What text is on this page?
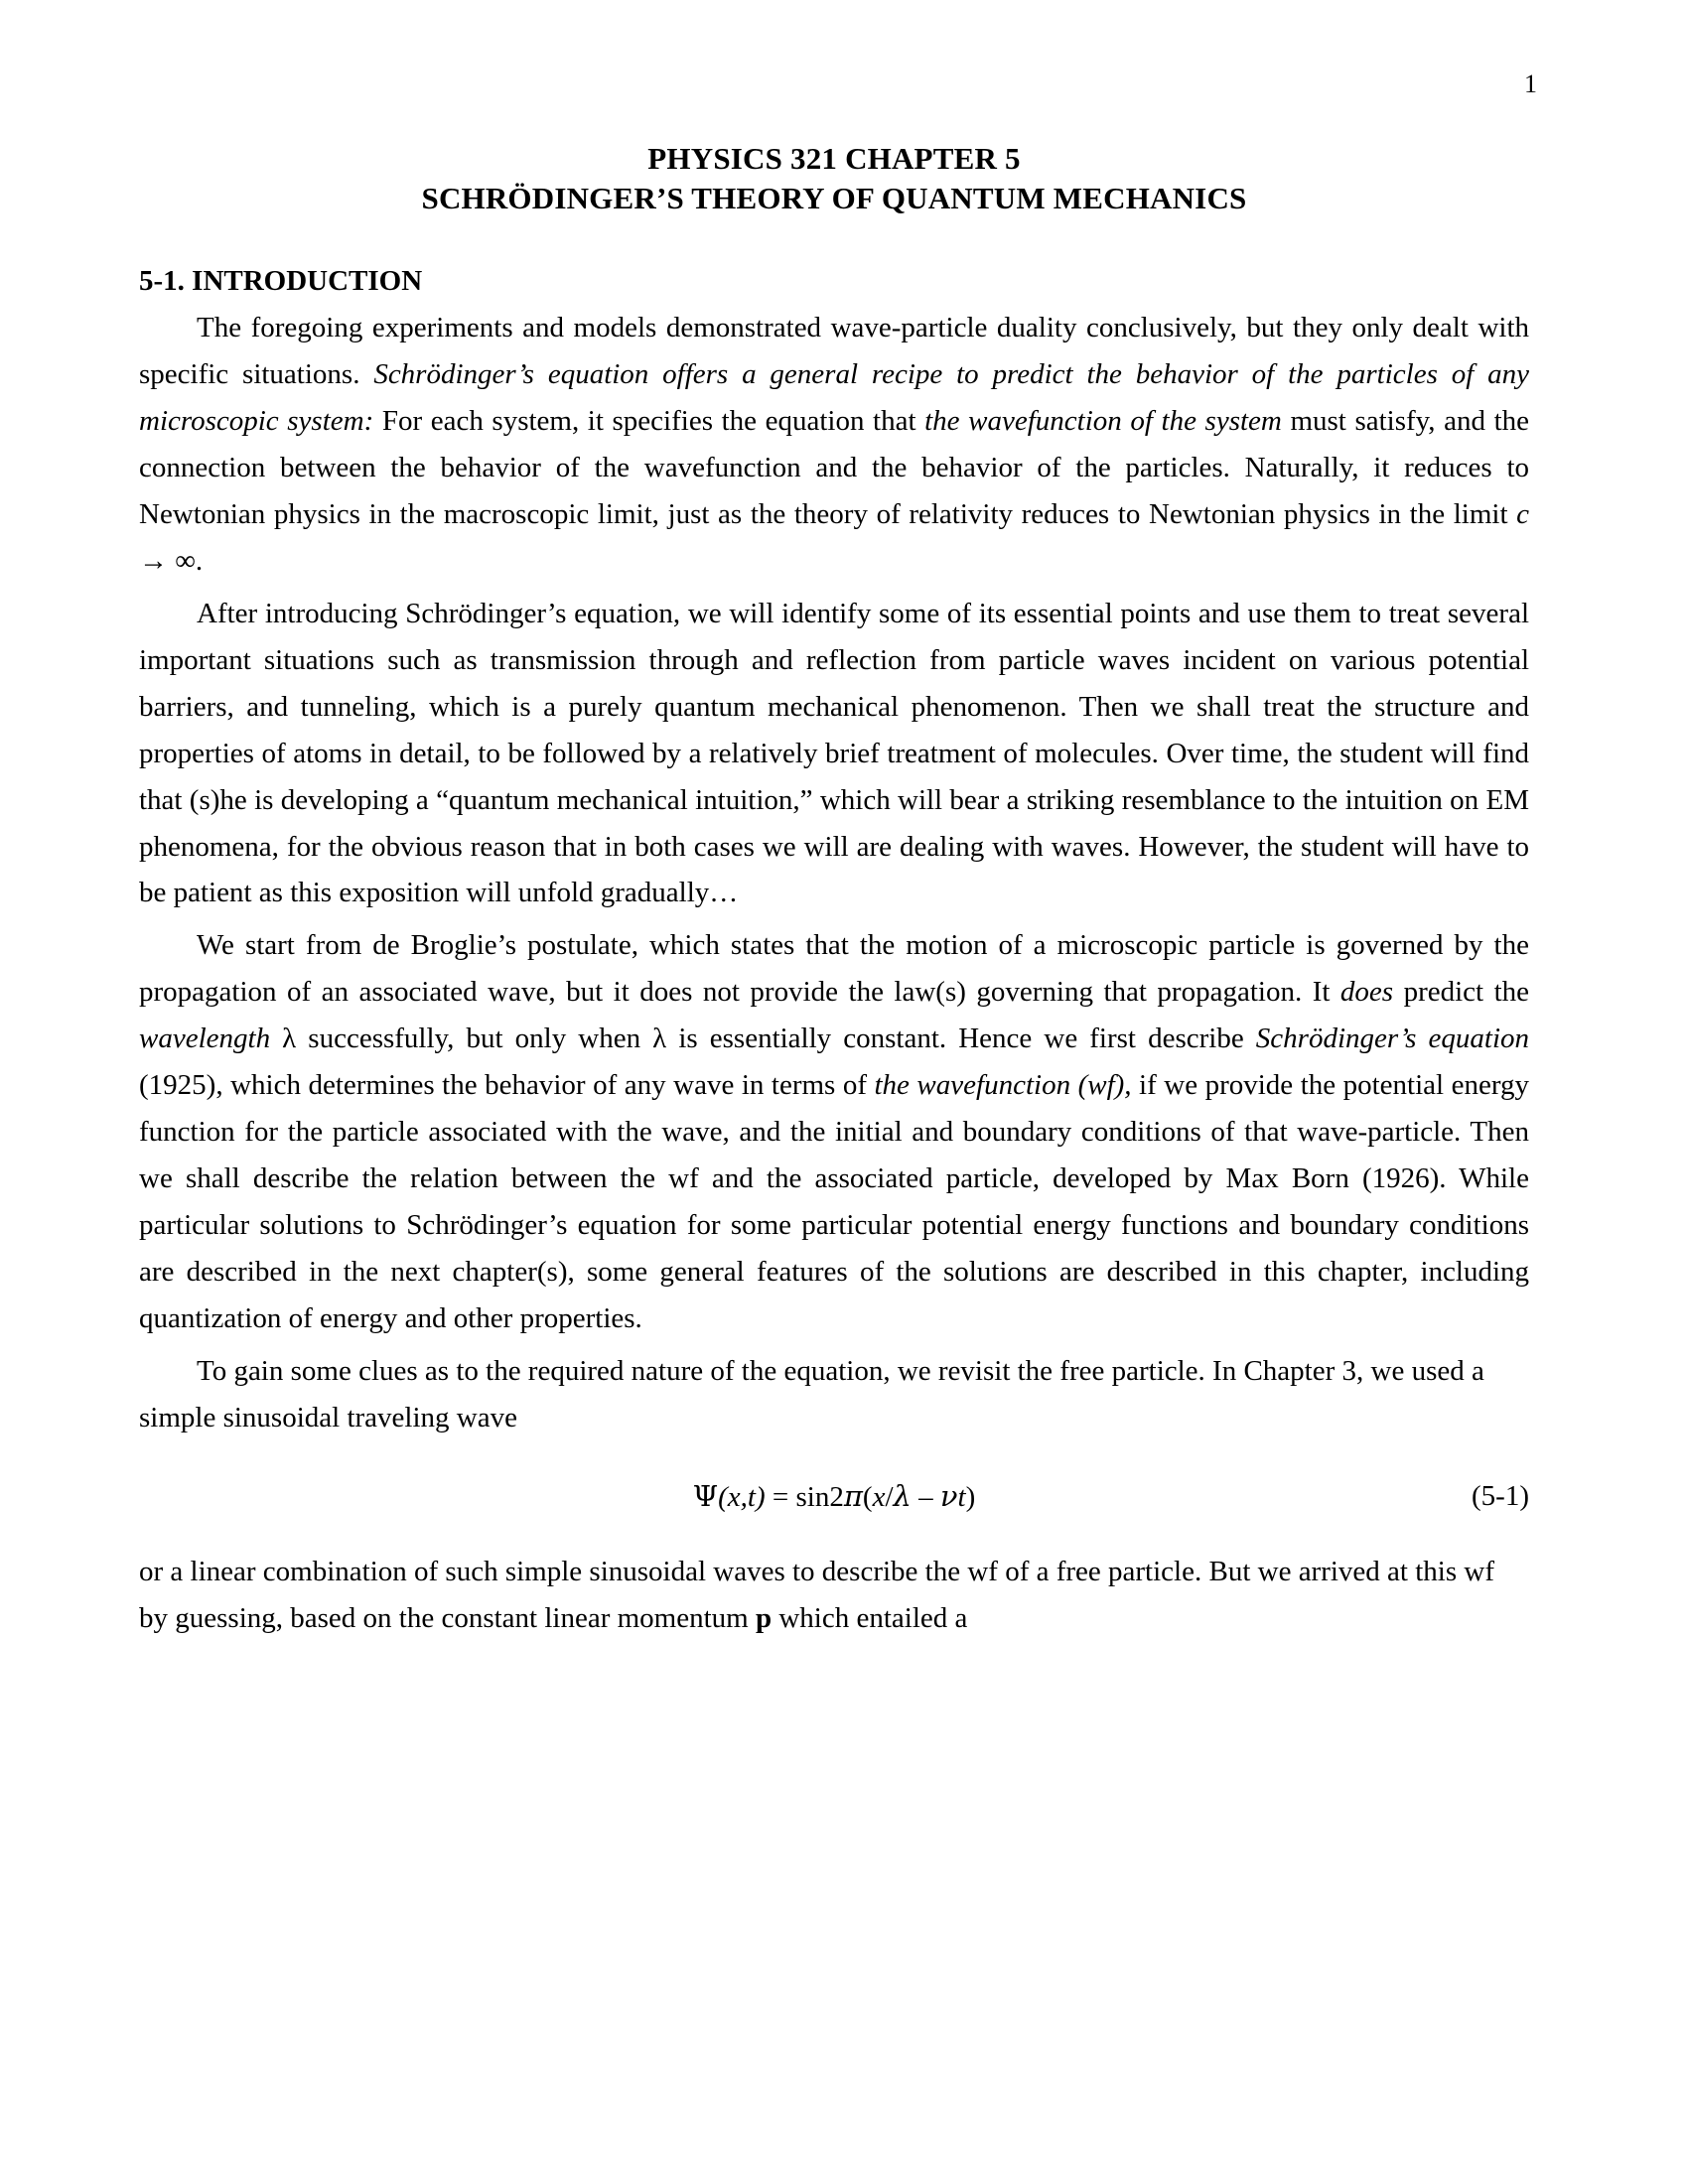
1
PHYSICS 321 CHAPTER 5
SCHRÖDINGER’S THEORY OF QUANTUM MECHANICS
5-1. INTRODUCTION

The foregoing experiments and models demonstrated wave-particle duality conclusively, but they only dealt with specific situations. Schrödinger’s equation offers a general recipe to predict the behavior of the particles of any microscopic system: For each system, it specifies the equation that the wavefunction of the system must satisfy, and the connection between the behavior of the wavefunction and the behavior of the particles. Naturally, it reduces to Newtonian physics in the macroscopic limit, just as the theory of relativity reduces to Newtonian physics in the limit c → ∞.

After introducing Schrödinger’s equation, we will identify some of its essential points and use them to treat several important situations such as transmission through and reflection from particle waves incident on various potential barriers, and tunneling, which is a purely quantum mechanical phenomenon. Then we shall treat the structure and properties of atoms in detail, to be followed by a relatively brief treatment of molecules. Over time, the student will find that (s)he is developing a “quantum mechanical intuition,” which will bear a striking resemblance to the intuition on EM phenomena, for the obvious reason that in both cases we will are dealing with waves. However, the student will have to be patient as this exposition will unfold gradually…

We start from de Broglie’s postulate, which states that the motion of a microscopic particle is governed by the propagation of an associated wave, but it does not provide the law(s) governing that propagation. It does predict the wavelength λ successfully, but only when λ is essentially constant. Hence we first describe Schrödinger’s equation (1925), which determines the behavior of any wave in terms of the wavefunction (wf), if we provide the potential energy function for the particle associated with the wave, and the initial and boundary conditions of that wave-particle. Then we shall describe the relation between the wf and the associated particle, developed by Max Born (1926). While particular solutions to Schrödinger’s equation for some particular potential energy functions and boundary conditions are described in the next chapter(s), some general features of the solutions are described in this chapter, including quantization of energy and other properties.

To gain some clues as to the required nature of the equation, we revisit the free particle. In Chapter 3, we used a simple sinusoidal traveling wave

Ψ(x,t) = sin2π(x/λ – νt)	(5-1)

or a linear combination of such simple sinusoidal waves to describe the wf of a free particle. But we arrived at this wf by guessing, based on the constant linear momentum p which entailed a
